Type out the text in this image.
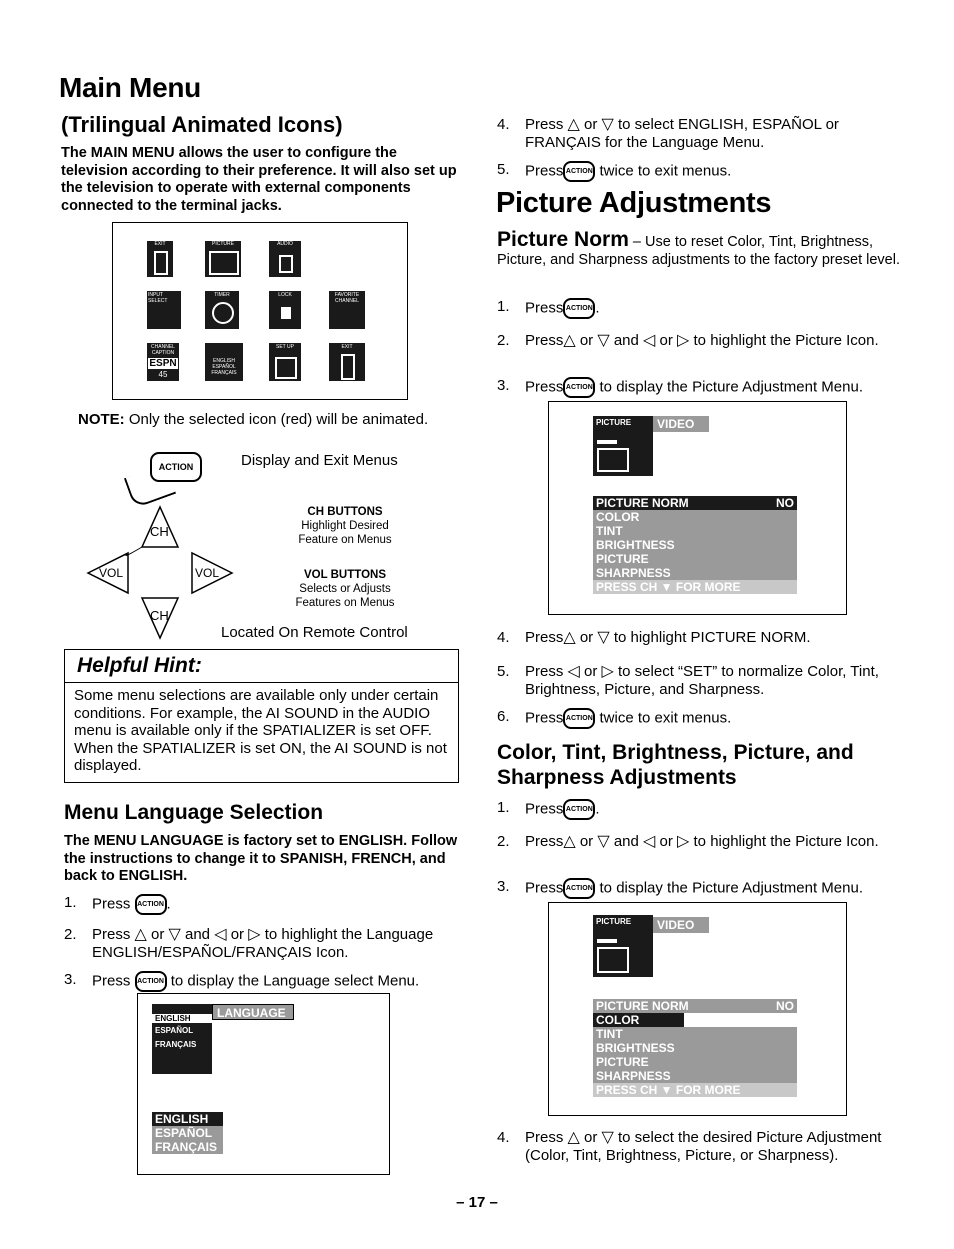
Main Menu
(Trilingual Animated Icons)
The MAIN MENU allows the user to configure the television according to their preference. It will also set up the television to operate with external components connected to the terminal jacks.
EXIT	PICTURE	AUDIO
INPUT SELECT
TIMER	LOCK	FAVORITE CHANNEL
CHANNEL CAPTION
ESPN
45
ENGLISH ESPAÑOL FRANÇAIS
SET UP	EXIT
NOTE: Only the selected icon (red) will be animated.
ACTION	Display and Exit Menus
CH
CH
VOL	VOL
CH BUTTONS
Highlight Desired
Feature on Menus
VOL BUTTONS
Selects or Adjusts
Features on Menus
Located On Remote Control
Helpful Hint:
Some menu selections are available only under certain conditions. For example, the AI SOUND in the AUDIO menu is available only if the SPATIALIZER is set OFF. When the SPATIALIZER is set ON, the AI SOUND is not displayed.
Menu Language Selection
The MENU LANGUAGE is factory set to ENGLISH. Follow the instructions to change it to SPANISH, FRENCH, and back to ENGLISH.
1. Press ACTION .
2. Press △ or ▽ and ◁ or ▷ to highlight the Language ENGLISH/ESPAÑOL/FRANÇAIS Icon.
3. Press ACTION to display the Language select Menu.
ENGLISH
ESPAÑOL
FRANÇAIS
LANGUAGE
ENGLISH
ESPAÑOL
FRANÇAIS
4. Press △ or ▽ to select ENGLISH, ESPAÑOL or FRANÇAIS for the Language Menu.
5. Press ACTION twice to exit menus.
Picture Adjustments
Picture Norm – Use to reset Color, Tint, Brightness, Picture, and Sharpness adjustments to the factory preset level.
1. Press ACTION .
2. Press△ or ▽ and ◁ or ▷ to highlight the Picture Icon.
3. Press ACTION to display the Picture Adjustment Menu.
PICTURE	VIDEO
PICTURE NORM	NO
COLOR
TINT
BRIGHTNESS
PICTURE
SHARPNESS
PRESS CH ▼ FOR MORE
4. Press△ or ▽ to highlight PICTURE NORM.
5. Press ◁ or ▷ to select “SET” to normalize Color, Tint, Brightness, Picture, and Sharpness.
6. Press ACTION twice to exit menus.
Color, Tint, Brightness, Picture, and Sharpness Adjustments
1. Press ACTION .
2. Press△ or ▽ and ◁ or ▷ to highlight the Picture Icon.
3. Press ACTION to display the Picture Adjustment Menu.
PICTURE	VIDEO
PICTURE NORM	NO
COLOR
TINT
BRIGHTNESS
PICTURE
SHARPNESS
PRESS CH ▼ FOR MORE
4. Press △ or ▽ to select the desired Picture Adjustment (Color, Tint, Brightness, Picture, or Sharpness).
– 17 –
